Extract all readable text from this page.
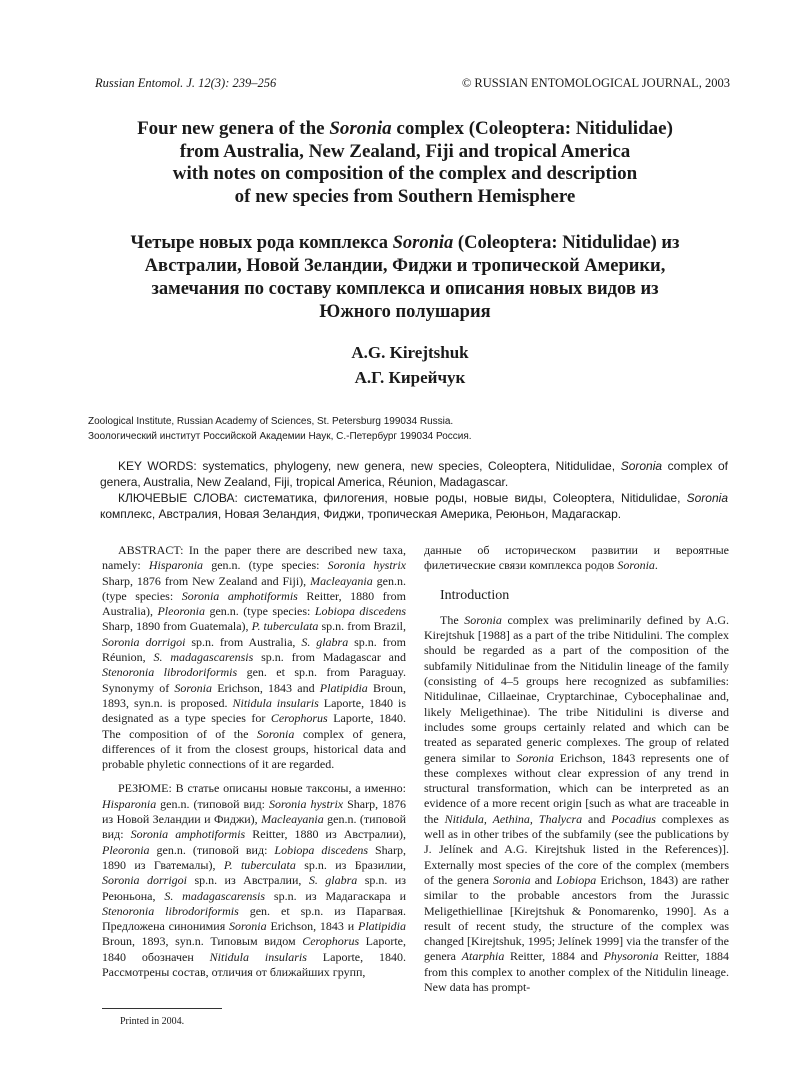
Russian Entomol. J. 12(3): 239–256	© RUSSIAN ENTOMOLOGICAL JOURNAL, 2003
Four new genera of the Soronia complex (Coleoptera: Nitidulidae)
from Australia, New Zealand, Fiji and tropical America
with notes on composition of the complex and description
of new species from Southern Hemisphere
Четыре новых рода комплекса Soronia (Coleoptera: Nitidulidae) из
Австралии, Новой Зеландии, Фиджи и тропической Америки,
замечания по составу комплекса и описания новых видов из
Южного полушария
A.G. Kirejtshuk
А.Г. Кирейчук
Zoological Institute, Russian Academy of Sciences, St. Petersburg 199034 Russia.
Зоологический институт Российской Академии Наук, С.-Петербург 199034 Россия.
KEY WORDS: systematics, phylogeny, new genera, new species, Coleoptera, Nitidulidae, Soronia complex of genera, Australia, New Zealand, Fiji, tropical America, Réunion, Madagascar.
КЛЮЧЕВЫЕ СЛОВА: систематика, филогения, новые роды, новые виды, Coleoptera, Nitidulidae, Soronia комплекс, Австралия, Новая Зеландия, Фиджи, тропическая Америка, Реюньон, Мадагаскар.

ABSTRACT: In the paper there are described new taxa, namely: Hisparonia gen.n. (type species: Soronia hystrix Sharp, 1876 from New Zealand and Fiji), Macleayania gen.n. (type species: Soronia amphotiformis Reitter, 1880 from Australia), Pleoronia gen.n. (type species: Lobiopa discedens Sharp, 1890 from Guatemala), P. tuberculata sp.n. from Brazil, Soronia dorrigoi sp.n. from Australia, S. glabra sp.n. from Réunion, S. madagascarensis sp.n. from Madagascar and Stenoronia librodoriformis gen. et sp.n. from Paraguay. Synonymy of Soronia Erichson, 1843 and Platipidia Broun, 1893, syn.n. is proposed. Nitidula insularis Laporte, 1840 is designated as a type species for Cerophorus Laporte, 1840. The composition of of the Soronia complex of genera, differences of it from the closest groups, historical data and probable phyletic connections of it are regarded.

РЕЗЮМЕ: В статье описаны новые таксоны, а именно: Hisparonia gen.n. (типовой вид: Soronia hystrix Sharp, 1876 из Новой Зеландии и Фиджи), Macleayania gen.n. (типовой вид: Soronia amphotiformis Reitter, 1880 из Австралии), Pleoronia gen.n. (типовой вид: Lobiopa discedens Sharp, 1890 из Гватемалы), P. tuberculata sp.n. из Бразилии, Soronia dorrigoi sp.n. из Австралии, S. glabra sp.n. из Реюньона, S. madagascarensis sp.n. из Мадагаскара и Stenoronia librodoriformis gen. et sp.n. из Парагвая. Предложена синонимия Soronia Erichson, 1843 и Platipidia Broun, 1893, syn.n. Типовым видом Cerophorus Laporte, 1840 обозначен Nitidula insularis Laporte, 1840. Рассмотрены состав, отличия от ближайших групп,

данные об историческом развитии и вероятные филетические связи комплекса родов Soronia.

Introduction

The Soronia complex was preliminarily defined by A.G. Kirejtshuk [1988] as a part of the tribe Nitidulini. The complex should be regarded as a part of the composition of the subfamily Nitidulinae from the Nitidulin lineage of the family (consisting of 4–5 groups here recognized as subfamilies: Nitidulinae, Cillaeinae, Cryptarchinae, Cybocephalinae and, likely Meligethinae). The tribe Nitidulini is diverse and includes some groups certainly related and which can be treated as separated generic complexes. The group of related genera similar to Soronia Erichson, 1843 represents one of these complexes without clear expression of any trend in structural transformation, which can be interpreted as an evidence of a more recent origin [such as what are traceable in the Nitidula, Aethina, Thalycra and Pocadius complexes as well as in other tribes of the subfamily (see the publications by J. Jelínek and A.G. Kirejtshuk listed in the References)]. Externally most species of the core of the complex (members of the genera Soronia and Lobiopa Erichson, 1843) are rather similar to the probable ancestors from the Jurassic Meligethiellinae [Kirejtshuk & Ponomarenko, 1990]. As a result of recent study, the structure of the complex was changed [Kirejtshuk, 1995; Jelínek 1999] via the transfer of the genera Atarphia Reitter, 1884 and Physoronia Reitter, 1884 from this complex to another complex of the Nitidulin lineage. New data has prompt-

Printed in 2004.
